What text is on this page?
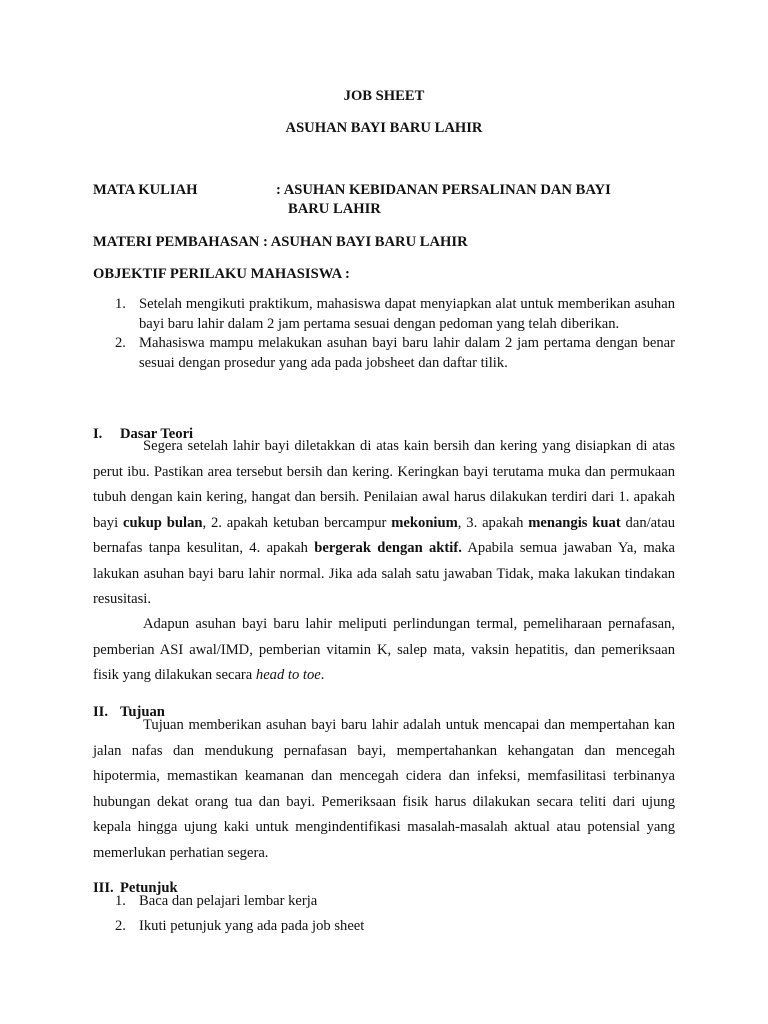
JOB SHEET

ASUHAN BAYI BARU LAHIR

MATA KULIAH	: ASUHAN KEBIDANAN PERSALINAN DAN BAYI

BARU LAHIR

MATERI PEMBAHASAN : ASUHAN BAYI BARU LAHIR

OBJEKTIF PERILAKU MAHASISWA :

1. Setelah mengikuti praktikum, mahasiswa dapat menyiapkan alat untuk memberikan asuhan bayi baru lahir dalam 2 jam pertama sesuai dengan pedoman yang telah diberikan.
2. Mahasiswa mampu melakukan asuhan bayi baru lahir dalam 2 jam pertama dengan benar sesuai dengan prosedur yang ada pada jobsheet dan daftar tilik.

I. Dasar Teori

Segera setelah lahir bayi diletakkan di atas kain bersih dan kering yang disiapkan di atas perut ibu. Pastikan area tersebut bersih dan kering. Keringkan bayi terutama muka dan permukaan tubuh dengan kain kering, hangat dan bersih. Penilaian awal harus dilakukan terdiri dari 1. apakah bayi cukup bulan, 2. apakah ketuban bercampur mekonium, 3. apakah menangis kuat dan/atau bernafas tanpa kesulitan, 4. apakah bergerak dengan aktif. Apabila semua jawaban Ya, maka lakukan asuhan bayi baru lahir normal. Jika ada salah satu jawaban Tidak, maka lakukan tindakan resusitasi.

Adapun asuhan bayi baru lahir meliputi perlindungan termal, pemeliharaan pernafasan, pemberian ASI awal/IMD, pemberian vitamin K, salep mata, vaksin hepatitis, dan pemeriksaan fisik yang dilakukan secara head to toe.

II. Tujuan

Tujuan memberikan asuhan bayi baru lahir adalah untuk mencapai dan mempertahan kan jalan nafas dan mendukung pernafasan bayi, mempertahankan kehangatan dan mencegah hipotermia, memastikan keamanan dan mencegah cidera dan infeksi, memfasilitasi terbinanya hubungan dekat orang tua dan bayi. Pemeriksaan fisik harus dilakukan secara teliti dari ujung kepala hingga ujung kaki untuk mengindentifikasi masalah-masalah aktual atau potensial yang memerlukan perhatian segera.

III. Petunjuk

1. Baca dan pelajari lembar kerja
2. Ikuti petunjuk yang ada pada job sheet
